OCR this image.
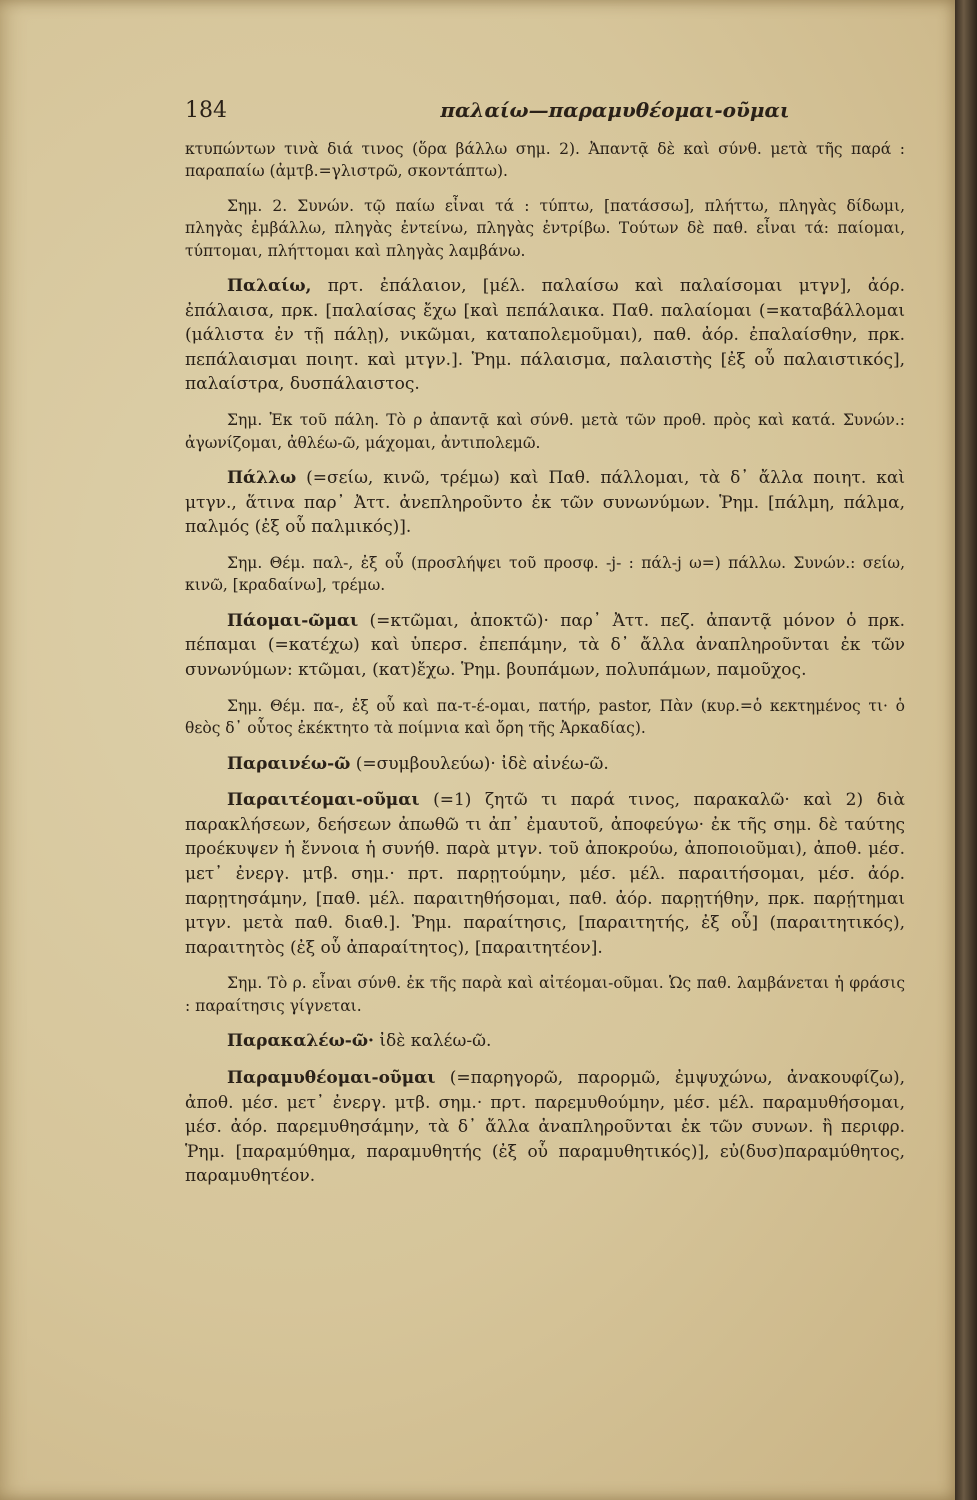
184	παλαίω—παραμυθέομαι-οῦμαι

κτυπώντων τινὰ διά τινος (ὅρα βάλλω σημ. 2). Ἀπαντᾷ δὲ καὶ σύνθ. μετὰ τῆς παρά : παραπαίω (ἀμτβ.=γλιστρῶ, σκοντάπτω).

Σημ. 2. Συνών. τῷ παίω εἶναι τά : τύπτω, [πατάσσω], πλήττω, πληγὰς δίδωμι, πληγὰς ἐμβάλλω, πληγὰς ἐντείνω, πληγὰς ἐντρίβω. Τούτων δὲ παθ. εἶναι τά: παίομαι, τύπτομαι, πλήττομαι καὶ πληγὰς λαμβάνω.

Παλαίω, πρτ. ἐπάλαιον, [μέλ. παλαίσω καὶ παλαίσομαι μτγν], ἀόρ. ἐπάλαισα, πρκ. [παλαίσας ἔχω [καὶ πεπάλαικα. Παθ. παλαίομαι (=καταβάλλομαι (μάλιστα ἐν τῇ πάλῃ), νικῶμαι, καταπολεμοῦμαι), παθ. ἀόρ. ἐπαλαίσθην, πρκ. πεπάλαισμαι ποιητ. καὶ μτγν.]. Ῥημ. πάλαισμα, παλαιστὴς [ἐξ οὗ παλαιστικός], παλαίστρα, δυσπάλαιστος.

Σημ. Ἐκ τοῦ πάλη. Τὸ ρ ἀπαντᾷ καὶ σύνθ. μετὰ τῶν προθ. πρὸς καὶ κατά. Συνών.: ἀγωνίζομαι, ἀθλέω-ῶ, μάχομαι, ἀντιπολεμῶ.

Πάλλω (=σείω, κινῶ, τρέμω) καὶ Παθ. πάλλομαι, τὰ δ᾽ ἄλλα ποιητ. καὶ μτγν., ἅτινα παρ᾽ Ἀττ. ἀνεπληροῦντο ἐκ τῶν συνωνύμων. Ῥημ. [πάλμη, πάλμα, παλμός (ἐξ οὗ παλμικός)].

Σημ. Θέμ. παλ-, ἐξ οὗ (προσλήψει τοῦ προσφ. -j- : πάλ-j ω=) πάλλω. Συνών.: σείω, κινῶ, [κραδαίνω], τρέμω.

Πάομαι-ῶμαι (=κτῶμαι, ἀποκτῶ)· παρ᾽ Ἀττ. πεζ. ἀπαντᾷ μόνον ὁ πρκ. πέπαμαι (=κατέχω) καὶ ὑπερσ. ἐπεπάμην, τὰ δ᾽ ἄλλα ἀναπληροῦνται ἐκ τῶν συνωνύμων: κτῶμαι, (κατ)ἔχω. Ῥημ. βουπάμων, πολυπάμων, παμοῦχος.

Σημ. Θέμ. πα-, ἐξ οὗ καὶ πα-τ-έ-ομαι, πατήρ, pastor, Πὰν (κυρ.=ὁ κεκτημένος τι· ὁ θεὸς δ᾽ οὗτος ἐκέκτητο τὰ ποίμνια καὶ ὄρη τῆς Ἀρκαδίας).

Παραινέω-ῶ (=συμβουλεύω)· ἰδὲ αἰνέω-ῶ.

Παραιτέομαι-οῦμαι (=1) ζητῶ τι παρά τινος, παρακαλῶ· καὶ 2) διὰ παρακλήσεων, δεήσεων ἀπωθῶ τι ἀπ᾽ ἐμαυτοῦ, ἀποφεύγω· ἐκ τῆς σημ. δὲ ταύτης προέκυψεν ἡ ἔννοια ἡ συνήθ. παρὰ μτγν. τοῦ ἀποκρούω, ἀποποιοῦμαι), ἀποθ. μέσ. μετ᾽ ἐνεργ. μτβ. σημ.· πρτ. παρῃτούμην, μέσ. μέλ. παραιτήσομαι, μέσ. ἀόρ. παρῃτησάμην, [παθ. μέλ. παραιτηθήσομαι, παθ. ἀόρ. παρῃτήθην, πρκ. παρῄτημαι μτγν. μετὰ παθ. διαθ.]. Ῥημ. παραίτησις, [παραιτητής, ἐξ οὗ] (παραιτητικός), παραιτητὸς (ἐξ οὗ ἀπαραίτητος), [παραιτητέον].

Σημ. Τὸ ρ. εἶναι σύνθ. ἐκ τῆς παρὰ καὶ αἰτέομαι-οῦμαι. Ὡς παθ. λαμβάνεται ἡ φράσις : παραίτησις γίγνεται.

Παρακαλέω-ῶ· ἰδὲ καλέω-ῶ.

Παραμυθέομαι-οῦμαι (=παρηγορῶ, παρορμῶ, ἐμψυχώνω, ἀνακουφίζω), ἀποθ. μέσ. μετ᾽ ἐνεργ. μτβ. σημ.· πρτ. παρεμυθούμην, μέσ. μέλ. παραμυθήσομαι, μέσ. ἀόρ. παρεμυθησάμην, τὰ δ᾽ ἄλλα ἀναπληροῦνται ἐκ τῶν συνων. ἢ περιφρ. Ῥημ. [παραμύθημα, παραμυθητής (ἐξ οὗ παραμυθητικός)], εὐ(δυσ)παραμύθητος, παραμυθητέον.
